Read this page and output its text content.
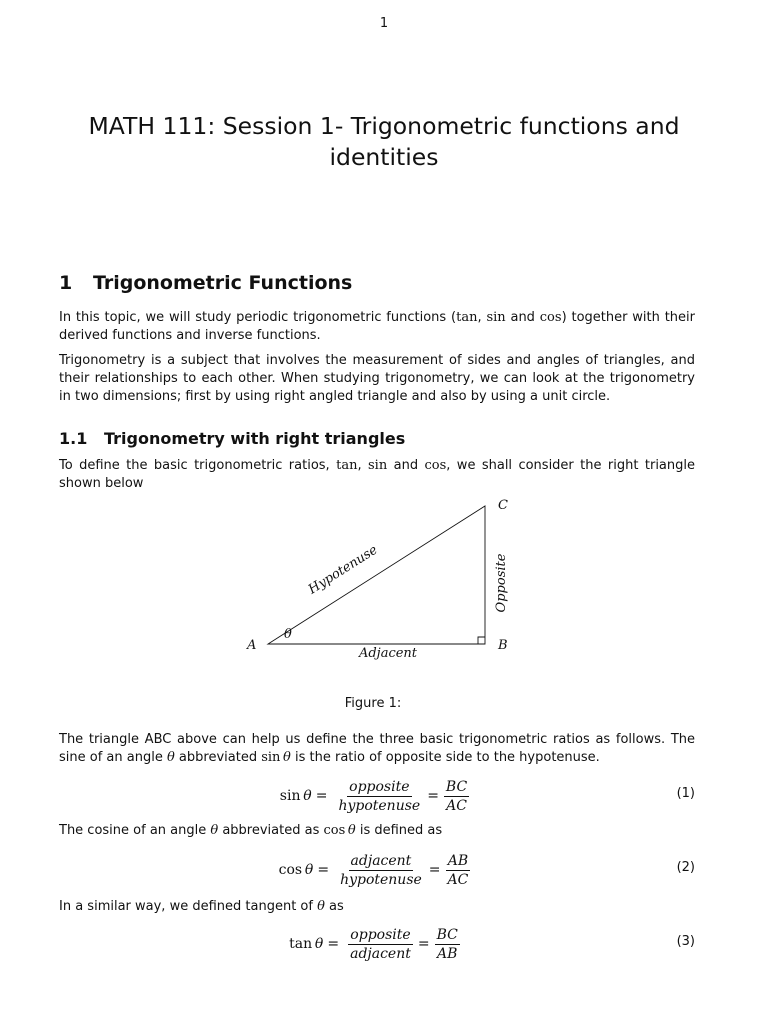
1
MATH 111: Session 1- Trigonometric functions and identities
1 Trigonometric Functions

In this topic, we will study periodic trigonometric functions (tan, sin and cos) together with their derived functions and inverse functions.

Trigonometry is a subject that involves the measurement of sides and angles of triangles, and their relationships to each other. When studying trigonometry, we can look at the trigonometry in two dimensions; first by using right angled triangle and also by using a unit circle.

1.1 Trigonometry with right triangles

To define the basic trigonometric ratios, tan, sin and cos, we shall consider the right triangle shown below

A	B
C
θ
Hypotenuse	Opposite
Adjacent
Figure 1:

The triangle ABC above can help us define the three basic trigonometric ratios as follows. The sine of an angle θ abbreviated sin  θ is the ratio of opposite side to the hypotenuse.

sin
  $\theta = \frac{\text{opposite}}{\text{hypotenuse}} = \frac{BC}{AC}$	(1)

The cosine of an angle θ abbreviated as cos  θ is defined as

cos
  $\theta = \frac{\text{adjacent}}{\text{hypotenuse}} = \frac{AB}{AC}$	(2)

In a similar way, we defined tangent of θ as

tan
  $\theta = \frac{\text{opposite}}{\text{adjacent}} = \frac{BC}{AB}$	(3)
